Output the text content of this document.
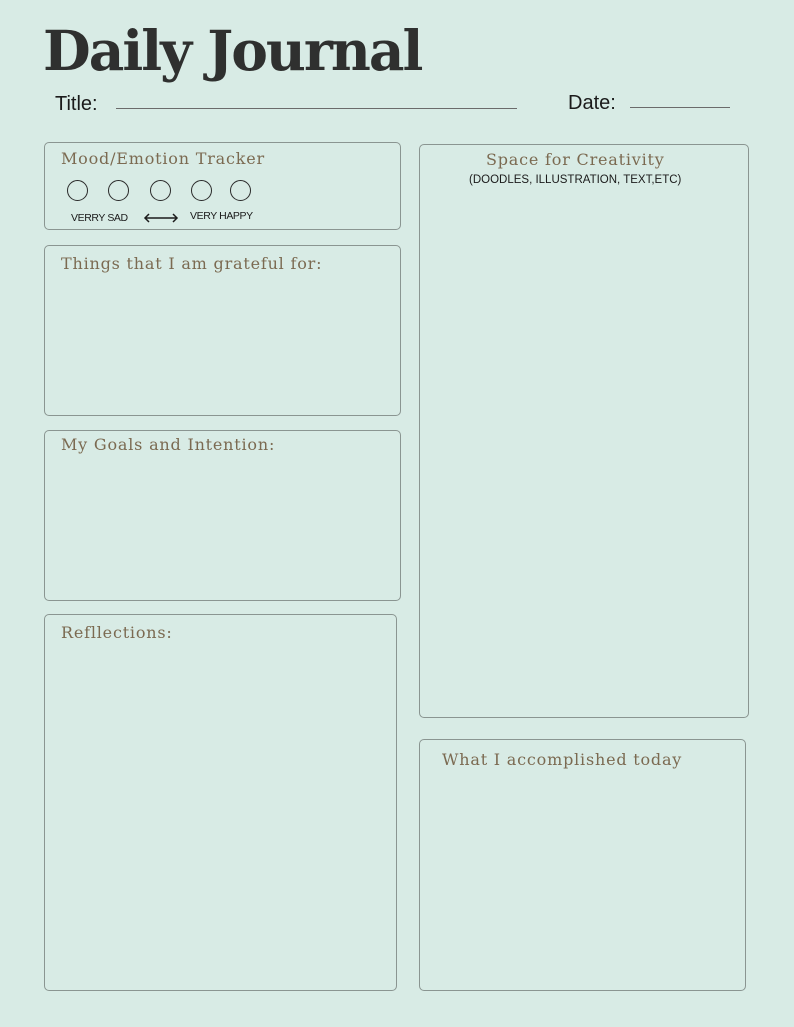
Daily Journal
Title:	Date:
Mood/Emotion Tracker
VERRY SAD	VERY HAPPY
Things that I am grateful for:
My Goals and Intention:
Refllections:
Space for Creativity
(DOODLES, ILLUSTRATION, TEXT,ETC)
What I accomplished today
